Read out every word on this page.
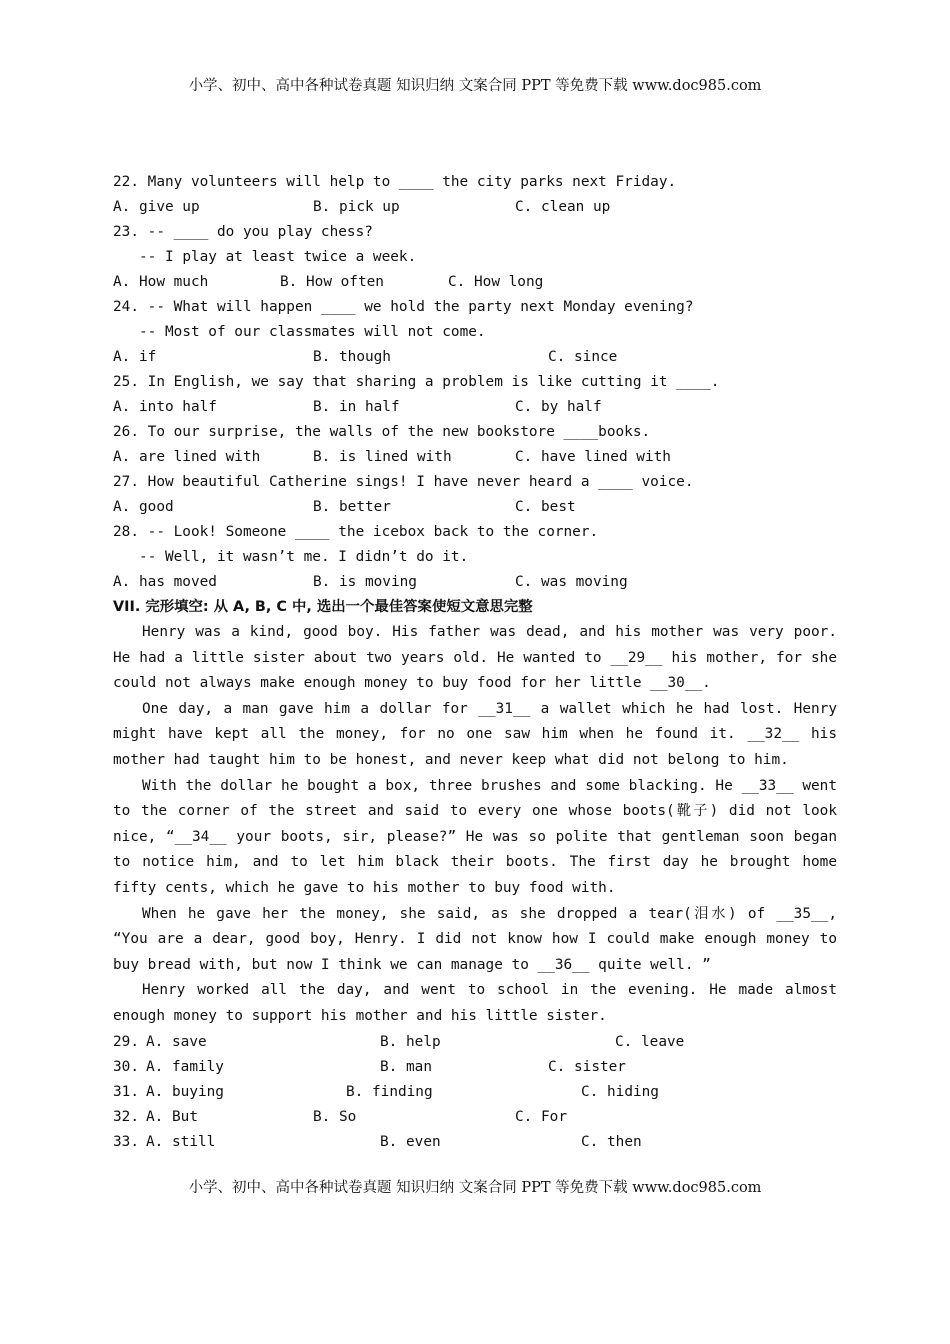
小学、初中、高中各种试卷真题 知识归纳 文案合同 PPT 等免费下载 www.doc985.com
22. Many volunteers will help to ____ the city parks next Friday.
A. give up	B. pick up	C. clean up
23. -- ____ do you play chess?
-- I play at least twice a week.
A. How much	B. How often	C. How long
24. -- What will happen ____ we hold the party next Monday evening?
-- Most of our classmates will not come.
A. if	B. though	C. since
25. In English, we say that sharing a problem is like cutting it ____.
A. into half	B. in half	C. by half
26. To our surprise, the walls of the new bookstore ____books.
A. are lined with	B. is lined with	C. have lined with
27. How beautiful Catherine sings! I have never heard a ____ voice.
A. good	B. better	C. best
28. -- Look! Someone ____ the icebox back to the corner.
-- Well, it wasn’t me. I didn’t do it.
A. has moved	B. is moving	C. was moving
VII. 完形填空: 从 A, B, C 中, 选出一个最佳答案使短文意思完整

Henry was a kind, good boy. His father was dead, and his mother was very poor. He had a little sister about two years old. He wanted to __29__ his mother, for she could not always make enough money to buy food for her little __30__.

One day, a man gave him a dollar for __31__ a wallet which he had lost. Henry might have kept all the money, for no one saw him when he found it. __32__ his mother had taught him to be honest, and never keep what did not belong to him.

With the dollar he bought a box, three brushes and some blacking. He __33__ went to the corner of the street and said to every one whose boots(靴子) did not look nice, “__34__ your boots, sir, please?” He was so polite that gentleman soon began to notice him, and to let him black their boots. The first day he brought home fifty cents, which he gave to his mother to buy food with.

When he gave her the money, she said, as she dropped a tear(泪水) of __35__, “You are a dear, good boy, Henry. I did not know how I could make enough money to buy bread with, but now I think we can manage to __36__ quite well. ”

Henry worked all the day, and went to school in the evening. He made almost enough money to support his mother and his little sister.

29. A. save	B. help	C. leave
30. A. family	B. man	C. sister
31. A. buying	B. finding	C. hiding
32. A. But	B. So	C. For
33. A. still	B. even	C. then
小学、初中、高中各种试卷真题 知识归纳 文案合同 PPT 等免费下载 www.doc985.com
